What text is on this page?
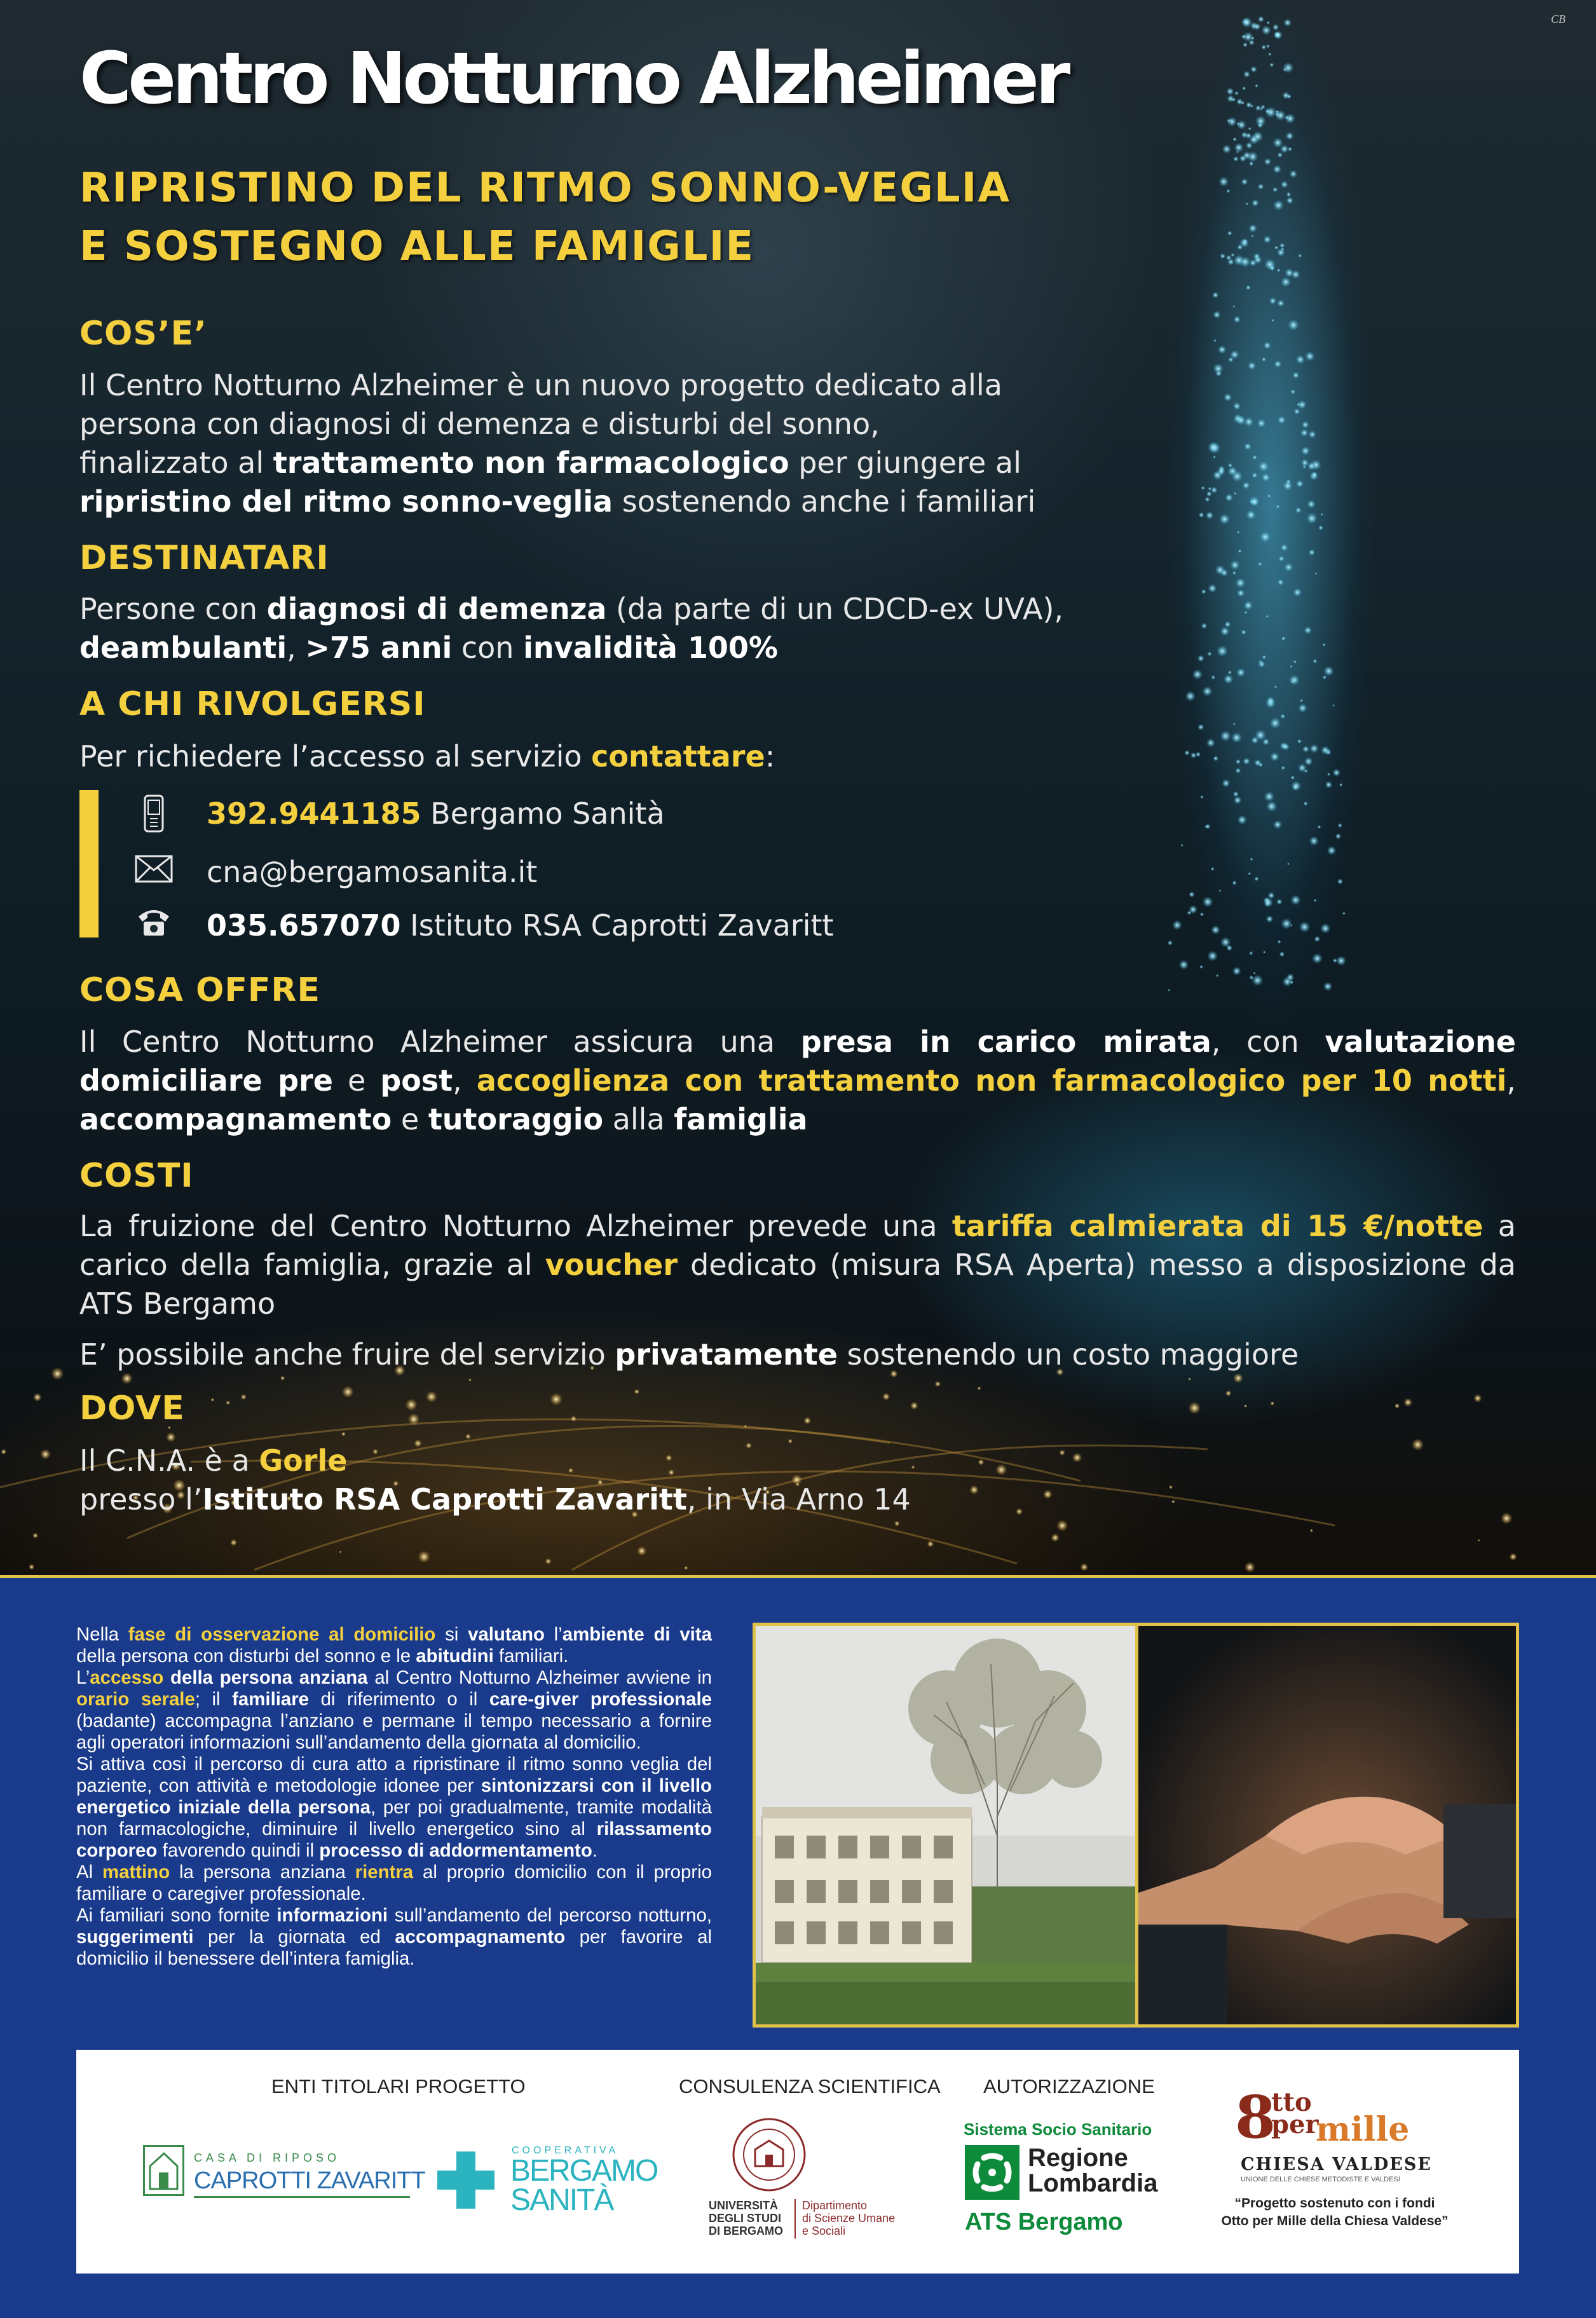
CB
Centro Notturno Alzheimer
RIPRISTINO DEL RITMO SONNO-VEGLIA
E SOSTEGNO ALLE FAMIGLIE
COS’E’
Il Centro Notturno Alzheimer è un nuovo progetto dedicato alla
persona con diagnosi di demenza e disturbi del sonno,
finalizzato al trattamento non farmacologico per giungere al
ripristino del ritmo sonno-veglia sostenendo anche i familiari
DESTINATARI
Persone con diagnosi di demenza (da parte di un CDCD-ex UVA),
deambulanti, >75 anni con invalidità 100%
A CHI RIVOLGERSI
Per richiedere l’accesso al servizio contattare:
392.9441185 Bergamo Sanità
cna@bergamosanita.it
035.657070 Istituto RSA Caprotti Zavaritt
COSA OFFRE
Il Centro Notturno Alzheimer assicura una presa in carico mirata, con valutazione domiciliare pre e post, accoglienza con trattamento non farmacologico per 10 notti, accompagnamento e tutoraggio alla famiglia
COSTI
La fruizione del Centro Notturno Alzheimer prevede una tariffa calmierata di 15 €/notte a carico della famiglia, grazie al voucher dedicato (misura RSA Aperta) messo a disposizione da ATS Bergamo
E’ possibile anche fruire del servizio privatamente sostenendo un costo maggiore
DOVE
Il C.N.A. è a Gorle
presso l’Istituto RSA Caprotti Zavaritt, in Via Arno 14

Nella fase di osservazione al domicilio si valutano l’ambiente di vita della persona con disturbi del sonno e le abitudini familiari.

L’accesso della persona anziana al Centro Notturno Alzheimer avviene in orario serale; il familiare di riferimento o il care-giver professionale (badante) accompagna l’anziano e permane il tempo necessario a fornire agli operatori informazioni sull’andamento della giornata al domicilio.

Si attiva così il percorso di cura atto a ripristinare il ritmo sonno veglia del paziente, con attività e metodologie idonee per sintonizzarsi con il livello energetico iniziale della persona, per poi gradualmente, tramite modalità non farmacologiche, diminuire il livello energetico sino al rilassamento corporeo favorendo quindi il processo di addormentamento.

Al mattino la persona anziana rientra al proprio domicilio con il proprio familiare o caregiver professionale.

Ai familiari sono fornite informazioni sull’andamento del percorso notturno, suggerimenti per la giornata ed accompagnamento per favorire al domicilio il benessere dell’intera famiglia.

ENTI TITOLARI PROGETTO	CONSULENZA SCIENTIFICA AUTORIZZAZIONE
CASA DI RIPOSO
CAPROTTI ZAVARITT
COOPERATIVA
BERGAMO
SANITÀ	UNIVERSITÀ
DEGLI STUDI
DI BERGAMO
Dipartimento
di Scienze Umane
e Sociali
Sistema Socio Sanitario
Regione
Lombardia
ATS Bergamo
8
tto
per
mille
CHIESA VALDESE
UNIONE DELLE CHIESE METODISTE E VALDESI
“Progetto sostenuto con i fondi
Otto per Mille della Chiesa Valdese”
